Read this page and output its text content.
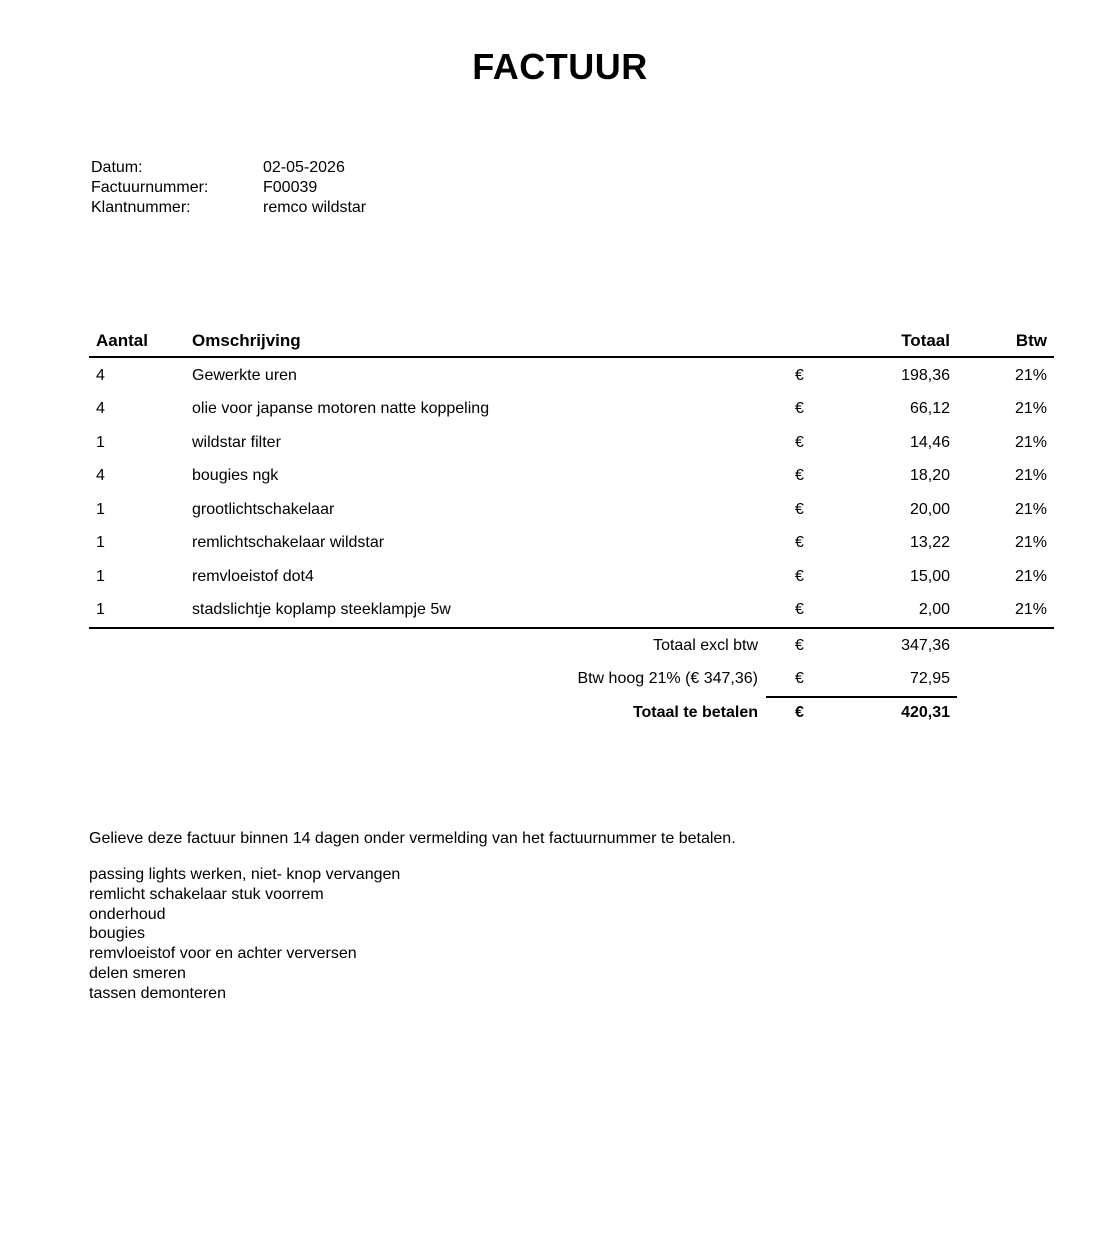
FACTUUR
Datum:	02-05-2026
Factuurnummer:	F00039
Klantnummer:	remco wildstar
Aantal	Omschrijving	Totaal	Btw
4	Gewerkte uren	€	198,36	21%
4	olie voor japanse motoren natte koppeling	€	66,12	21%
1	wildstar filter	€	14,46	21%
4	bougies ngk	€	18,20	21%
1	grootlichtschakelaar	€	20,00	21%
1	remlichtschakelaar wildstar	€	13,22	21%
1	remvloeistof dot4	€	15,00	21%
1	stadslichtje koplamp steeklampje 5w	€	2,00	21%
Totaal excl btw €	347,36
Btw hoog 21% (€ 347,36) €	72,95
Totaal te betalen €	420,31
Gelieve deze factuur binnen 14 dagen onder vermelding van het factuurnummer te betalen.
passing lights werken, niet- knop vervangen
remlicht schakelaar stuk voorrem
onderhoud
bougies
remvloeistof voor en achter verversen
delen smeren
tassen demonteren
